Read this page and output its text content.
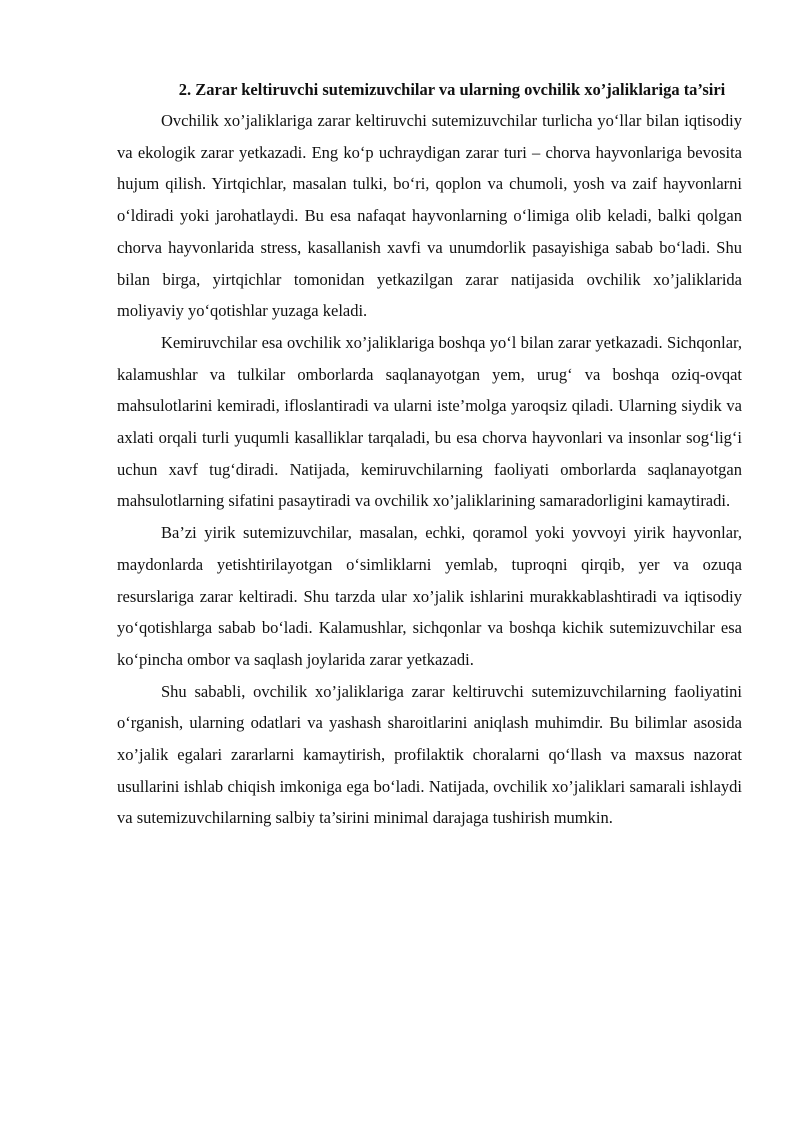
2. Zarar keltiruvchi sutemizuvchilar va ularning ovchilik xo’jaliklariga ta’siri

Ovchilik xo’jaliklariga zarar keltiruvchi sutemizuvchilar turlicha yo‘llar bilan iqtisodiy va ekologik zarar yetkazadi. Eng ko‘p uchraydigan zarar turi – chorva hayvonlariga bevosita hujum qilish. Yirtqichlar, masalan tulki, bo‘ri, qoplon va chumoli, yosh va zaif hayvonlarni o‘ldiradi yoki jarohatlaydi. Bu esa nafaqat hayvonlarning o‘limiga olib keladi, balki qolgan chorva hayvonlarida stress, kasallanish xavfi va unumdorlik pasayishiga sabab bo‘ladi. Shu bilan birga, yirtqichlar tomonidan yetkazilgan zarar natijasida ovchilik xo’jaliklarida moliyaviy yo‘qotishlar yuzaga keladi.

Kemiruvchilar esa ovchilik xo’jaliklariga boshqa yo‘l bilan zarar yetkazadi. Sichqonlar, kalamushlar va tulkilar omborlarda saqlanayotgan yem, urug‘ va boshqa oziq-ovqat mahsulotlarini kemiradi, ifloslantiradi va ularni iste’molga yaroqsiz qiladi. Ularning siydik va axlati orqali turli yuqumli kasalliklar tarqaladi, bu esa chorva hayvonlari va insonlar sog‘lig‘i uchun xavf tug‘diradi. Natijada, kemiruvchilarning faoliyati omborlarda saqlanayotgan mahsulotlarning sifatini pasaytiradi va ovchilik xo’jaliklarining samaradorligini kamaytiradi.

Ba’zi yirik sutemizuvchilar, masalan, echki, qoramol yoki yovvoyi yirik hayvonlar, maydonlarda yetishtirilayotgan o‘simliklarni yemlab, tuproqni qirqib, yer va ozuqa resurslariga zarar keltiradi. Shu tarzda ular xo’jalik ishlarini murakkablashtiradi va iqtisodiy yo‘qotishlarga sabab bo‘ladi. Kalamushlar, sichqonlar va boshqa kichik sutemizuvchilar esa ko‘pincha ombor va saqlash joylarida zarar yetkazadi.

Shu sababli, ovchilik xo’jaliklariga zarar keltiruvchi sutemizuvchilarning faoliyatini o‘rganish, ularning odatlari va yashash sharoitlarini aniqlash muhimdir. Bu bilimlar asosida xo’jalik egalari zararlarni kamaytirish, profilaktik choralarni qo‘llash va maxsus nazorat usullarini ishlab chiqish imkoniga ega bo‘ladi. Natijada, ovchilik xo’jaliklari samarali ishlaydi va sutemizuvchilarning salbiy ta’sirini minimal darajaga tushirish mumkin.
